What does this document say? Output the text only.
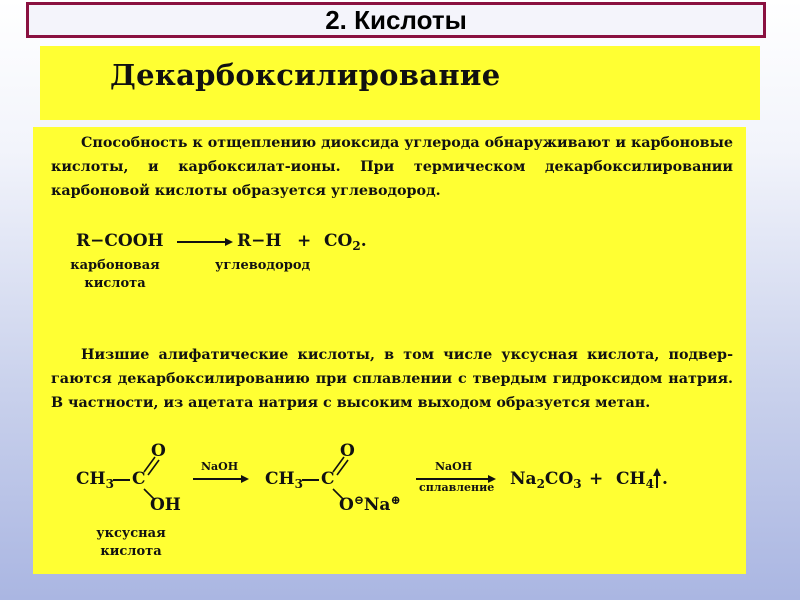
2. Кислоты
Декарбоксилирование

Способность к отщеплению диоксида углерода обнаруживают и карбоновые кислоты, и карбоксилат-ионы. При термическом декарбоксилировании карбоновой кислоты образуется углеводород.

R−COOH	$R-H + CO_2$.
карбоновая кислота
углеводород

Низшие алифатические кислоты, в том числе уксусная кислота, подвергаются декарбоксилированию при сплавлении с твердым гидроксидом натрия. В частности, из ацетата натрия с высоким выходом образуется метан.

$CH_3$ C
O
OH
уксусная кислота
NaOH
$CH_3$ C
O
O⊖Na⊕
NaOH
сплавление $Na_2CO_3 + CH_4$ .
